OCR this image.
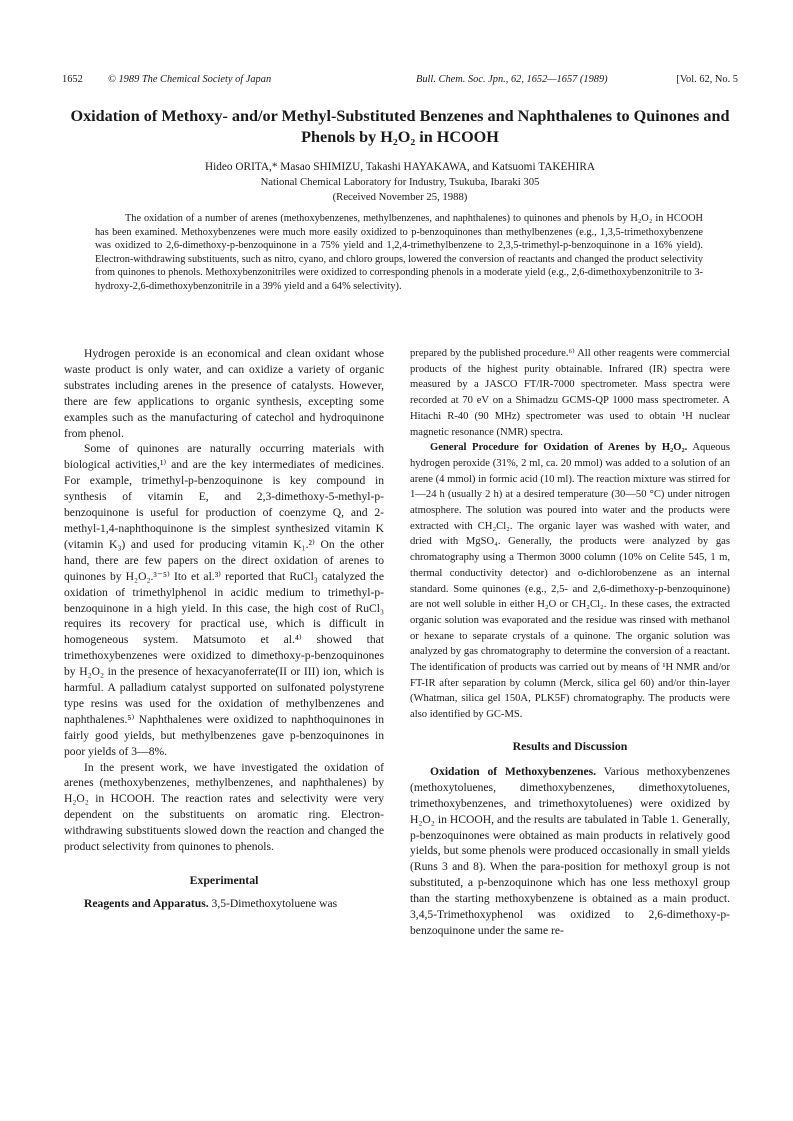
1652 © 1989 The Chemical Society of Japan	Bull. Chem. Soc. Jpn., 62, 1652—1657 (1989)	[Vol. 62, No. 5
Oxidation of Methoxy- and/or Methyl-Substituted Benzenes and Naphthalenes to Quinones and Phenols by H₂O₂ in HCOOH
Hideo ORITA,* Masao SHIMIZU, Takashi HAYAKAWA, and Katsuomi TAKEHIRA
National Chemical Laboratory for Industry, Tsukuba, Ibaraki 305
(Received November 25, 1988)

The oxidation of a number of arenes (methoxybenzenes, methylbenzenes, and naphthalenes) to quinones and phenols by H₂O₂ in HCOOH has been examined. Methoxybenzenes were much more easily oxidized to p-benzoquinones than methylbenzenes (e.g., 1,3,5-trimethoxybenzene was oxidized to 2,6-dimethoxy-p-benzoquinone in a 75% yield and 1,2,4-trimethylbenzene to 2,3,5-trimethyl-p-benzoquinone in a 16% yield). Electron-withdrawing substituents, such as nitro, cyano, and chloro groups, lowered the conversion of reactants and changed the product selectivity from quinones to phenols. Methoxybenzonitriles were oxidized to corresponding phenols in a moderate yield (e.g., 2,6-dimethoxybenzonitrile to 3-hydroxy-2,6-dimethoxybenzonitrile in a 39% yield and a 64% selectivity).

Hydrogen peroxide is an economical and clean oxidant whose waste product is only water, and can oxidize a variety of organic substrates including arenes in the presence of catalysts. However, there are few applications to organic synthesis, excepting some examples such as the manufacturing of catechol and hydroquinone from phenol.

Some of quinones are naturally occurring materials with biological activities,¹⁾ and are the key intermediates of medicines. For example, trimethyl-p-benzoquinone is key compound in synthesis of vitamin E, and 2,3-dimethoxy-5-methyl-p-benzoquinone is useful for production of coenzyme Q, and 2-methyl-1,4-naphthoquinone is the simplest synthesized vitamin K (vitamin K₃) and used for producing vitamin K₁.²⁾ On the other hand, there are few papers on the direct oxidation of arenes to quinones by H₂O₂.³⁻⁵⁾ Ito et al.³⁾ reported that RuCl₃ catalyzed the oxidation of trimethylphenol in acidic medium to trimethyl-p-benzoquinone in a high yield. In this case, the high cost of RuCl₃ requires its recovery for practical use, which is difficult in homogeneous system. Matsumoto et al.⁴⁾ showed that trimethoxybenzenes were oxidized to dimethoxy-p-benzoquinones by H₂O₂ in the presence of hexacyanoferrate(II or III) ion, which is harmful. A palladium catalyst supported on sulfonated polystyrene type resins was used for the oxidation of methylbenzenes and naphthalenes.⁵⁾ Naphthalenes were oxidized to naphthoquinones in fairly good yields, but methylbenzenes gave p-benzoquinones in poor yields of 3—8%.

In the present work, we have investigated the oxidation of arenes (methoxybenzenes, methylbenzenes, and naphthalenes) by H₂O₂ in HCOOH. The reaction rates and selectivity were very dependent on the substituents on aromatic ring. Electron-withdrawing substituents slowed down the reaction and changed the product selectivity from quinones to phenols.

Experimental

Reagents and Apparatus. 3,5-Dimethoxytoluene was

prepared by the published procedure.⁶⁾ All other reagents were commercial products of the highest purity obtainable. Infrared (IR) spectra were measured by a JASCO FT/IR-7000 spectrometer. Mass spectra were recorded at 70 eV on a Shimadzu GCMS-QP 1000 mass spectrometer. A Hitachi R-40 (90 MHz) spectrometer was used to obtain ¹H nuclear magnetic resonance (NMR) spectra.

General Procedure for Oxidation of Arenes by H₂O₂. Aqueous hydrogen peroxide (31%, 2 ml, ca. 20 mmol) was added to a solution of an arene (4 mmol) in formic acid (10 ml). The reaction mixture was stirred for 1—24 h (usually 2 h) at a desired temperature (30—50 °C) under nitrogen atmosphere. The solution was poured into water and the products were extracted with CH₂Cl₂. The organic layer was washed with water, and dried with MgSO₄. Generally, the products were analyzed by gas chromatography using a Thermon 3000 column (10% on Celite 545, 1 m, thermal conductivity detector) and o-dichlorobenzene as an internal standard. Some quinones (e.g., 2,5- and 2,6-dimethoxy-p-benzoquinone) are not well soluble in either H₂O or CH₂Cl₂. In these cases, the extracted organic solution was evaporated and the residue was rinsed with methanol or hexane to separate crystals of a quinone. The organic solution was analyzed by gas chromatography to determine the conversion of a reactant. The identification of products was carried out by means of ¹H NMR and/or FT-IR after separation by column (Merck, silica gel 60) and/or thin-layer (Whatman, silica gel 150A, PLK5F) chromatography. The products were also identified by GC-MS.

Results and Discussion

Oxidation of Methoxybenzenes. Various methoxybenzenes (methoxytoluenes, dimethoxybenzenes, dimethoxytoluenes, trimethoxybenzenes, and trimethoxytoluenes) were oxidized by H₂O₂ in HCOOH, and the results are tabulated in Table 1. Generally, p-benzoquinones were obtained as main products in relatively good yields, but some phenols were produced occasionally in small yields (Runs 3 and 8). When the para-position for methoxyl group is not substituted, a p-benzoquinone which has one less methoxyl group than the starting methoxybenzene is obtained as a main product. 3,4,5-Trimethoxyphenol was oxidized to 2,6-dimethoxy-p-benzoquinone under the same re-
